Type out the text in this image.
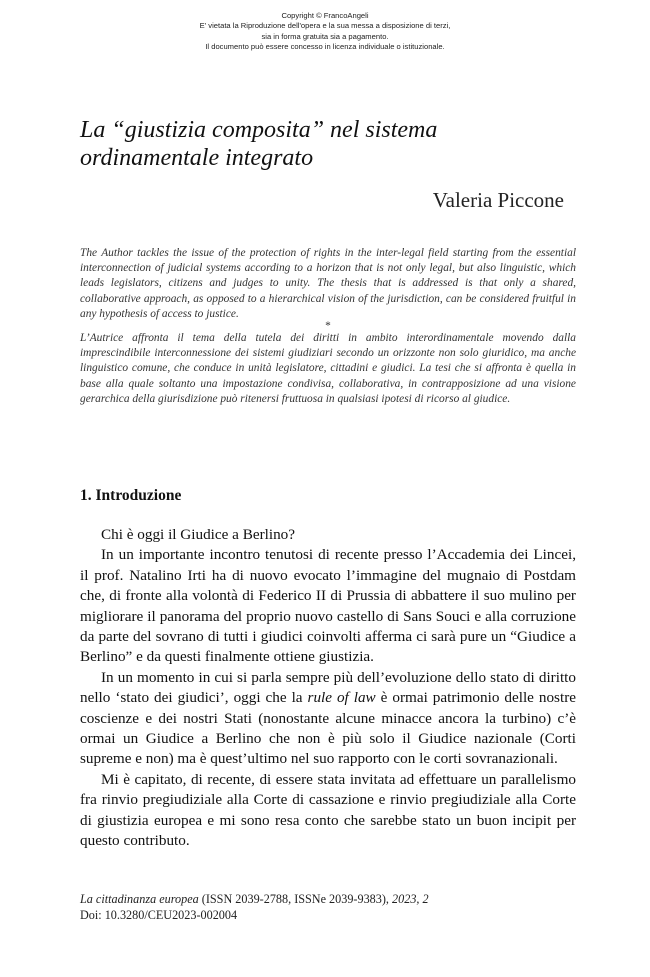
Copyright © FrancoAngeli
E' vietata la Riproduzione dell'opera e la sua messa a disposizione di terzi,
sia in forma gratuita sia a pagamento.
Il documento può essere concesso in licenza individuale o istituzionale.
La “giustizia composita” nel sistema ordinamentale integrato
Valeria Piccone

The Author tackles the issue of the protection of rights in the inter-legal field starting from the essential interconnection of judicial systems according to a horizon that is not only legal, but also linguistic, which leads legislators, citizens and judges to unity. The thesis that is addressed is that only a shared, collaborative approach, as opposed to a hierarchical vision of the jurisdiction, can be considered fruitful in any hypothesis of access to justice.

*

L’Autrice affronta il tema della tutela dei diritti in ambito interordinamentale movendo dalla imprescindibile interconnessione dei sistemi giudiziari secondo un orizzonte non solo giuridico, ma anche linguistico comune, che conduce in unità legislatore, cittadini e giudici. La tesi che si affronta è quella in base alla quale soltanto una impostazione condivisa, collaborativa, in contrapposizione ad una visione gerarchica della giurisdizione può ritenersi fruttuosa in qualsiasi ipotesi di ricorso al giudice.

1. Introduzione

Chi è oggi il Giudice a Berlino?

In un importante incontro tenutosi di recente presso l’Accademia dei Lincei, il prof. Natalino Irti ha di nuovo evocato l’immagine del mugnaio di Postdam che, di fronte alla volontà di Federico II di Prussia di abbattere il suo mulino per migliorare il panorama del proprio nuovo castello di Sans Souci e alla corruzione da parte del sovrano di tutti i giudici coinvolti afferma ci sarà pure un “Giudice a Berlino” e da questi finalmente ottiene giustizia.

In un momento in cui si parla sempre più dell’evoluzione dello stato di diritto nello ‘stato dei giudici’, oggi che la rule of law è ormai patrimonio delle nostre coscienze e dei nostri Stati (nonostante alcune minacce ancora la turbino) c’è ormai un Giudice a Berlino che non è più solo il Giudice nazionale (Corti supreme e non) ma è quest’ultimo nel suo rapporto con le corti sovranazionali.

Mi è capitato, di recente, di essere stata invitata ad effettuare un parallelismo fra rinvio pregiudiziale alla Corte di cassazione e rinvio pregiudiziale alla Corte di giustizia europea e mi sono resa conto che sarebbe stato un buon incipit per questo contributo.

La cittadinanza europea (ISSN 2039-2788, ISSNe 2039-9383), 2023, 2
Doi: 10.3280/CEU2023-002004
